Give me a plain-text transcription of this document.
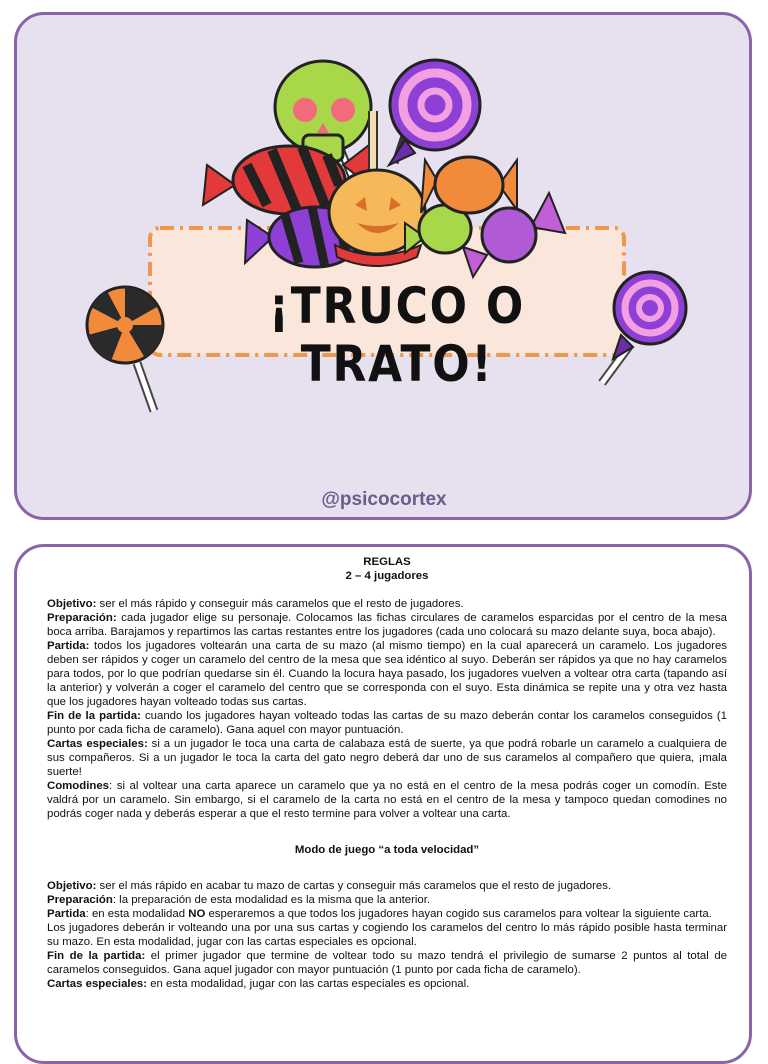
¡TRUCO O TRATO!
@psicocortex

REGLAS

2 – 4 jugadores

Objetivo: ser el más rápido y conseguir más caramelos que el resto de jugadores.

Preparación: cada jugador elige su personaje. Colocamos las fichas circulares de caramelos esparcidas por el centro de la mesa boca arriba. Barajamos y repartimos las cartas restantes entre los jugadores (cada uno colocará su mazo delante suya, boca abajo).

Partida: todos los jugadores voltearán una carta de su mazo (al mismo tiempo) en la cual aparecerá un caramelo. Los jugadores deben ser rápidos y coger un caramelo del centro de la mesa que sea idéntico al suyo. Deberán ser rápidos ya que no hay caramelos para todos, por lo que podrían quedarse sin él. Cuando la locura haya pasado, los jugadores vuelven a voltear otra carta (tapando así la anterior) y volverán a coger el caramelo del centro que se corresponda con el suyo. Esta dinámica se repite una y otra vez hasta que los jugadores hayan volteado todas sus cartas.

Fin de la partida: cuando los jugadores hayan volteado todas las cartas de su mazo deberán contar los caramelos conseguidos (1 punto por cada ficha de caramelo). Gana aquel con mayor puntuación.

Cartas especiales: si a un jugador le toca una carta de calabaza está de suerte, ya que podrá robarle un caramelo a cualquiera de sus compañeros. Si a un jugador le toca la carta del gato negro deberá dar uno de sus caramelos al compañero que quiera, ¡mala suerte!

Comodines: si al voltear una carta aparece un caramelo que ya no está en el centro de la mesa podrás coger un comodín. Este valdrá por un caramelo. Sin embargo, si el caramelo de la carta no está en el centro de la mesa y tampoco quedan comodines no podrás coger nada y deberás esperar a que el resto termine para volver a voltear una carta.

Modo de juego “a toda velocidad”

Objetivo: ser el más rápido en acabar tu mazo de cartas y conseguir más caramelos que el resto de jugadores.

Preparación: la preparación de esta modalidad es la misma que la anterior.

Partida: en esta modalidad NO esperaremos a que todos los jugadores hayan cogido sus caramelos para voltear la siguiente carta.

Los jugadores deberán ir volteando una por una sus cartas y cogiendo los caramelos del centro lo más rápido posible hasta terminar su mazo. En esta modalidad, jugar con las cartas especiales es opcional.

Fin de la partida: el primer jugador que termine de voltear todo su mazo tendrá el privilegio de sumarse 2 puntos al total de caramelos conseguidos. Gana aquel jugador con mayor puntuación (1 punto por cada ficha de caramelo).

Cartas especiales: en esta modalidad, jugar con las cartas especiales es opcional.
